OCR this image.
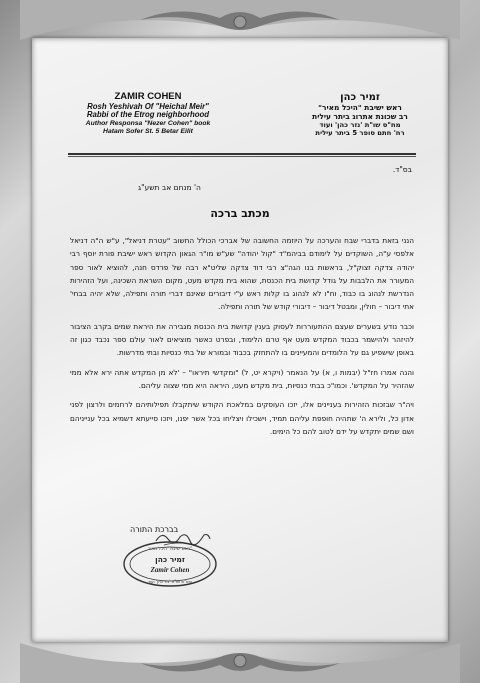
ZAMIR COHEN
Rosh Yeshivah Of "Heichal Meir"
Rabbi of the Etrog neighborhood
Author Responsa "Nezer Cohen" book
Hatam Sofer St. 5 Betar Eilit
זמיר כהן
ראש ישיבת "היכל מאיר"
רב שכונת אתרוג ביתר עילית
מח"ס שו"ת 'נזר כהן' ועוד
רח' חתם סופר 5 ביתר עילית
בס"ד.
ה' מנחם אב תשע"ג
מכתב ברכה

הנני בזאת בדברי שבח והערכה על היוזמה החשובה של אברכי הכולל החשוב "עטרת דניאל", ע"ש ה"ה דניאל אלפסי ע"ה, השוקדים על לימודם בביהמ"ד "קול יהודה" שע"ש מו"ר הגאון הקדוש ראש ישיבת פורת יוסף רבי יהודה צדקה זצוק"ל, בראשות בנו הגה"צ רבי דוד צדקה שליט"א רבה של פרדס חנה, להוציא לאור ספר המעורר את הלבבות על גודל קדושת בית הכנסת, שהוא בית מקדש מעט, מקום השראת השכינה, ועל הזהירות הנדרשת לנהוג בו כבוד, וח"ו לא לנהוג בו קלות ראש ע"י דיבורים שאינם דברי תורה ותפילה, שלא יהיה בבחי' אתי דיבור – חולין, ומבטל דיבור – דיבורי קודש של תורה ותפילה.

וכבר נודע בשערים שעצם ההתעוררות לעסוק בענין קדושת בית הכנסת מגבירה את היראת שמים בקרב הציבור להיזהר ולהישמר בכבוד המקדש מעט אף טרם הלימוד, ובפרט כאשר מוציאים לאור עולם ספר נכבד כגון זה באופן שישפיע גם על הלומדים והמעיינים בו להתחזק בכבוד ובמורא של בתי כנסיות ובתי מדרשות.

והנה אמרו חז"ל (יבמות ו, א) על הנאמר (ויקרא יט, ל) "ומקדשי תיראו" – 'לא מן המקדש אתה ירא אלא ממי שהזהיר על המקדש'. וכמו"כ בבתי כנסיות, בית מקדש מעט, היראה היא ממי שצוה עליהם.

ויה"ר שבזכות הזהירות בעניינים אלו, יזכו העוסקים במלאכת הקודש שיתקבלו תפילותיהם לרחמים ולרצון לפני אדון כל, ולירא ה' שתהיה חופפת עליהם תמיד, וישכילו ויצליחו בכל אשר יפנו, ויזכו סייעתא דשמיא בכל ענייניהם ושם שמים יתקדש על ידם לטוב להם כל הימים.

בברכת התורה
ראש ישיבת "היכל מאיר"
זמיר כהן
Zamir Cohen
ומח"ס שו"ת 'נזר כהן' ועוד
